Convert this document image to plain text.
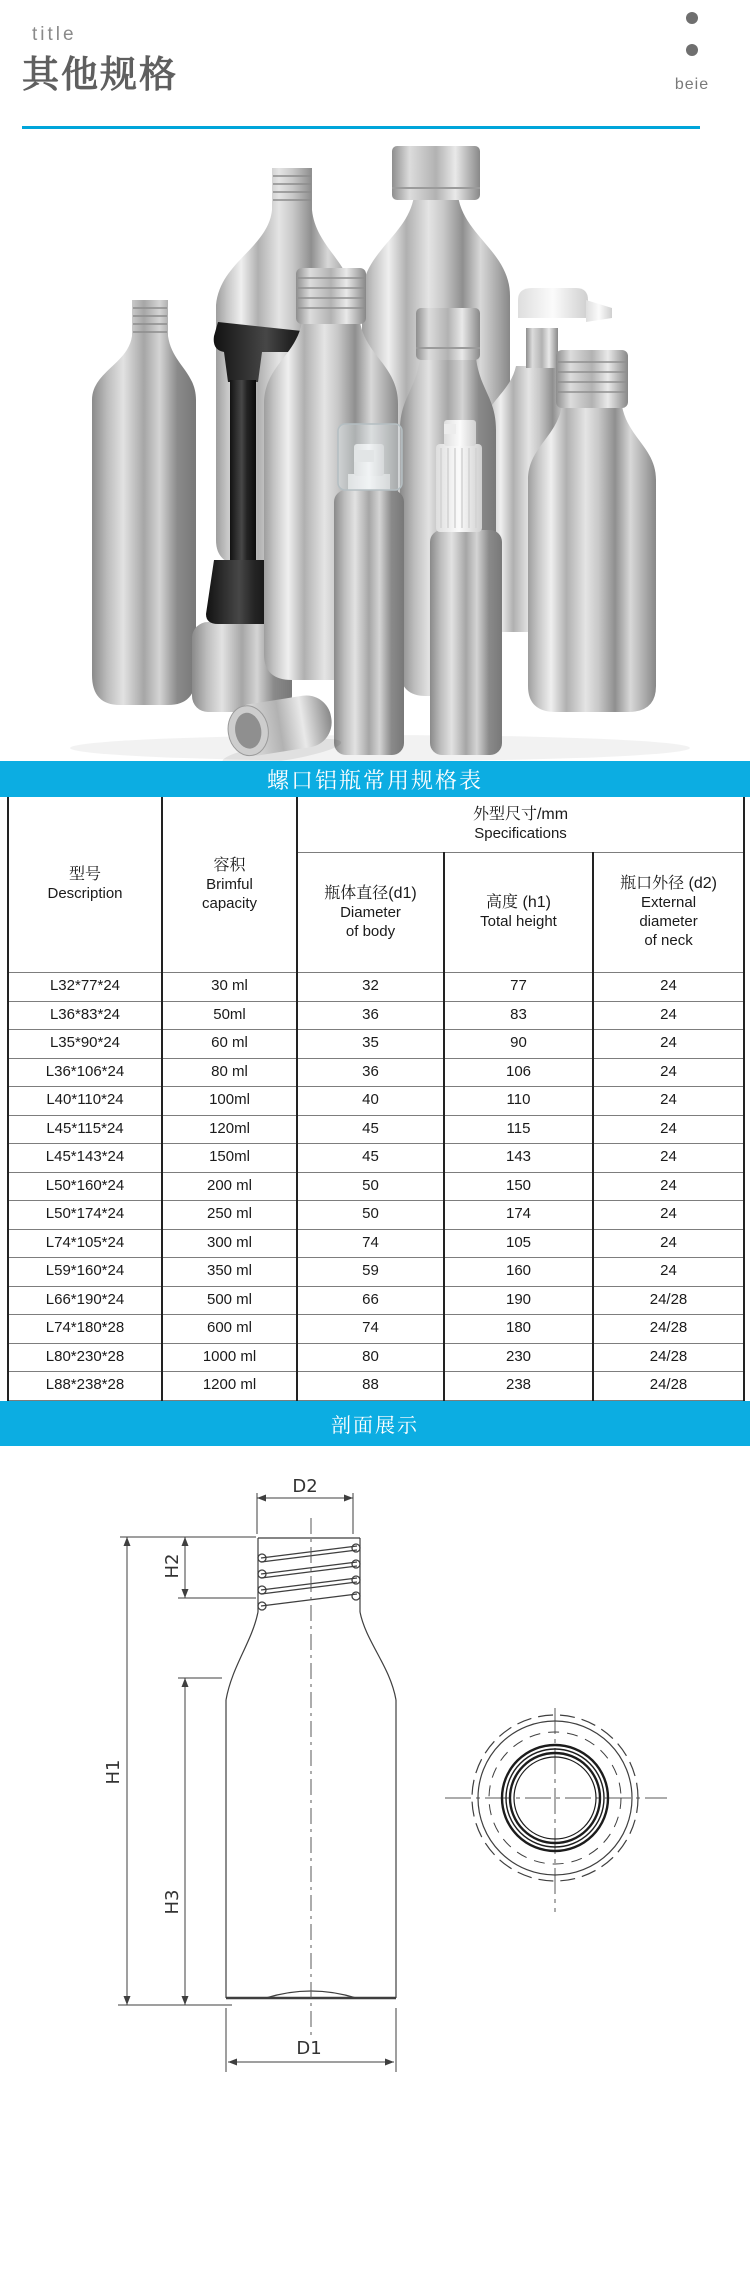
title
其他规格	beie
螺口铝瓶常用规格表
型号
Description

容积
Brimful
capacity

外型尺寸/mm
Specifications

瓶体直径(d1)
Diameter
of body

高度 (h1)
Total height

瓶口外径 (d2)
External
diameter
of neck

L32*77*24	30 ml	32	77	24
L36*83*24	50ml	36	83	24
L35*90*24	60 ml	35	90	24
L36*106*24	80 ml	36	106	24
L40*110*24	100ml	40	110	24
L45*115*24	120ml	45	115	24
L45*143*24	150ml	45	143	24
L50*160*24	200 ml	50	150	24
L50*174*24	250 ml	50	174	24
L74*105*24	300 ml	74	105	24
L59*160*24	350 ml	59	160	24
L66*190*24	500 ml	66	190	24/28
L74*180*28	600 ml	74	180	24/28
L80*230*28	1000 ml	80	230	24/28
L88*238*28	1200 ml	88	238	24/28
剖面展示
D2
H1
H2
H3
D1
